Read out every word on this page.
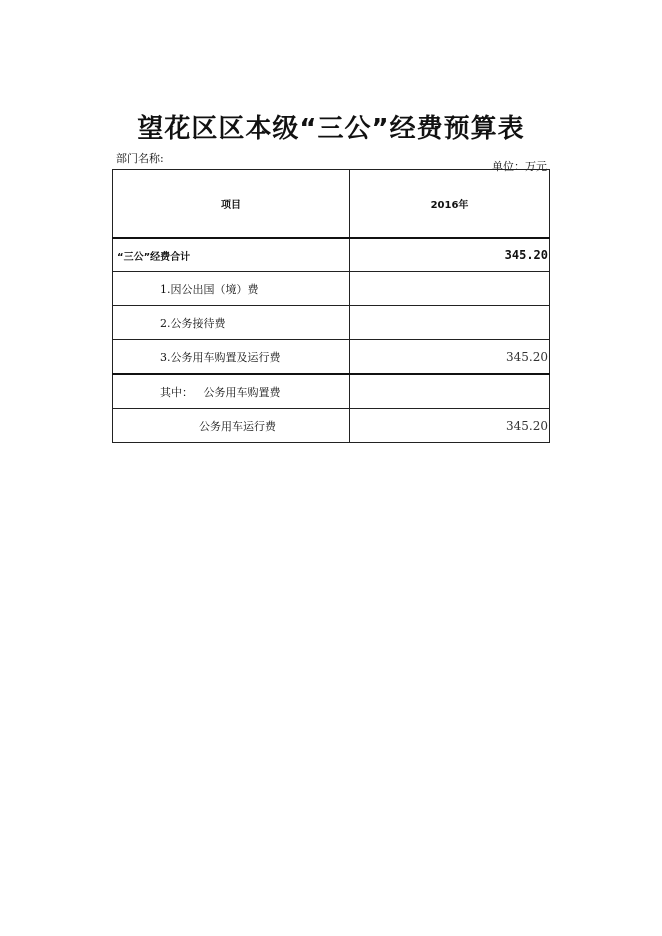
望花区区本级“三公”经费预算表
部门名称:
单位：万元
项目	2016年
“三公”经费合计	345.20
1.因公出国（境）费	
2.公务接待费	
3.公务用车购置及运行费	345.20
其中： 公务用车购置费	
公务用车运行费	345.20
